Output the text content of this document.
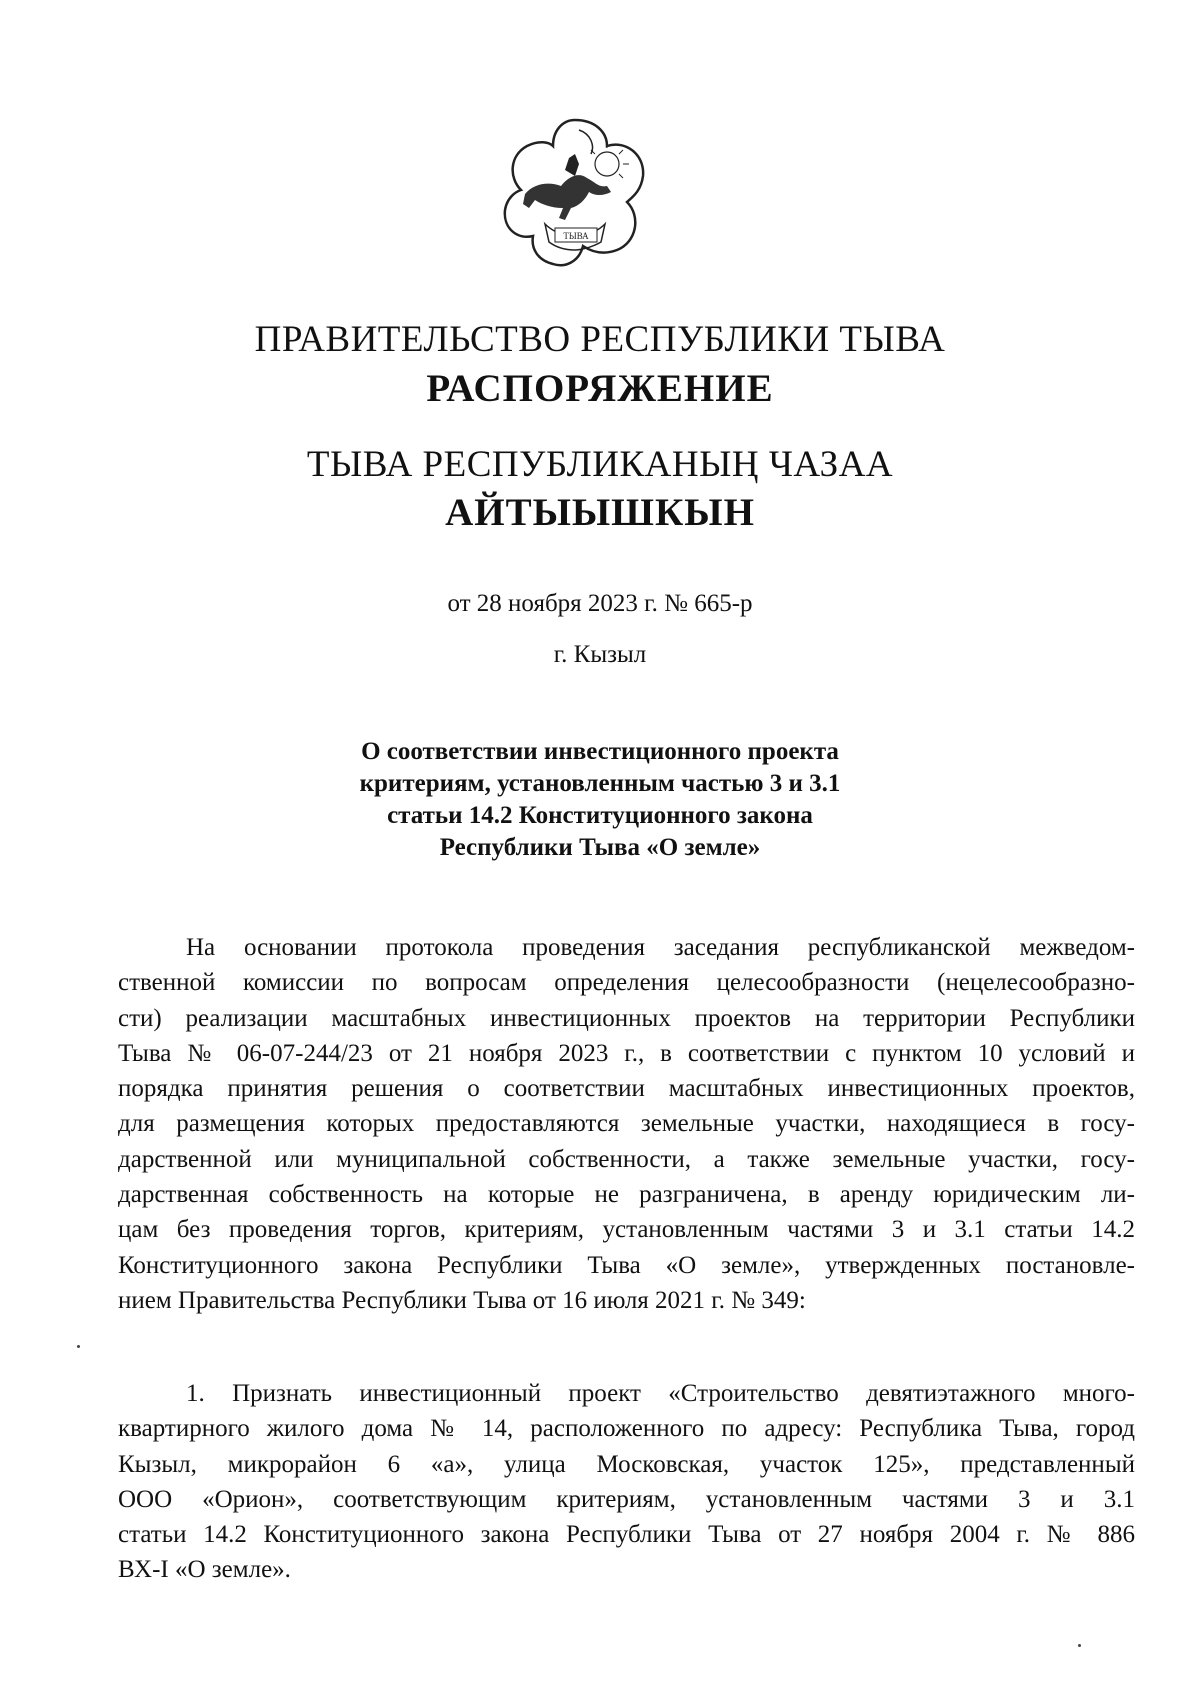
ТЫВА
ПРАВИТЕЛЬСТВО РЕСПУБЛИКИ ТЫВА
РАСПОРЯЖЕНИЕ
ТЫВА РЕСПУБЛИКАНЫҢ ЧАЗАА
АЙТЫЫШКЫН
от 28 ноября 2023 г. № 665-р
г. Кызыл
О соответствии инвестиционного проекта
критериям, установленным частью 3 и 3.1
статьи 14.2 Конституционного закона
Республики Тыва «О земле»
На основании протокола проведения заседания республиканской межведом-
ственной комиссии по вопросам определения целесообразности (нецелесообразно-
сти) реализации масштабных инвестиционных проектов на территории Республики
Тыва № 06-07-244/23 от 21 ноября 2023 г., в соответствии с пунктом 10 условий и
порядка принятия решения о соответствии масштабных инвестиционных проектов,
для размещения которых предоставляются земельные участки, находящиеся в госу-
дарственной или муниципальной собственности, а также земельные участки, госу-
дарственная собственность на которые не разграничена, в аренду юридическим ли-
цам без проведения торгов, критериям, установленным частями 3 и 3.1 статьи 14.2
Конституционного закона Республики Тыва «О земле», утвержденных постановле-
нием Правительства Республики Тыва от 16 июля 2021 г. № 349:
1. Признать инвестиционный проект «Строительство девятиэтажного много-
квартирного жилого дома № 14, расположенного по адресу: Республика Тыва, город
Кызыл, микрорайон 6 «а», улица Московская, участок 125», представленный
ООО «Орион», соответствующим критериям, установленным частями 3 и 3.1
статьи 14.2 Конституционного закона Республики Тыва от 27 ноября 2004 г. № 886
ВХ-I «О земле».
